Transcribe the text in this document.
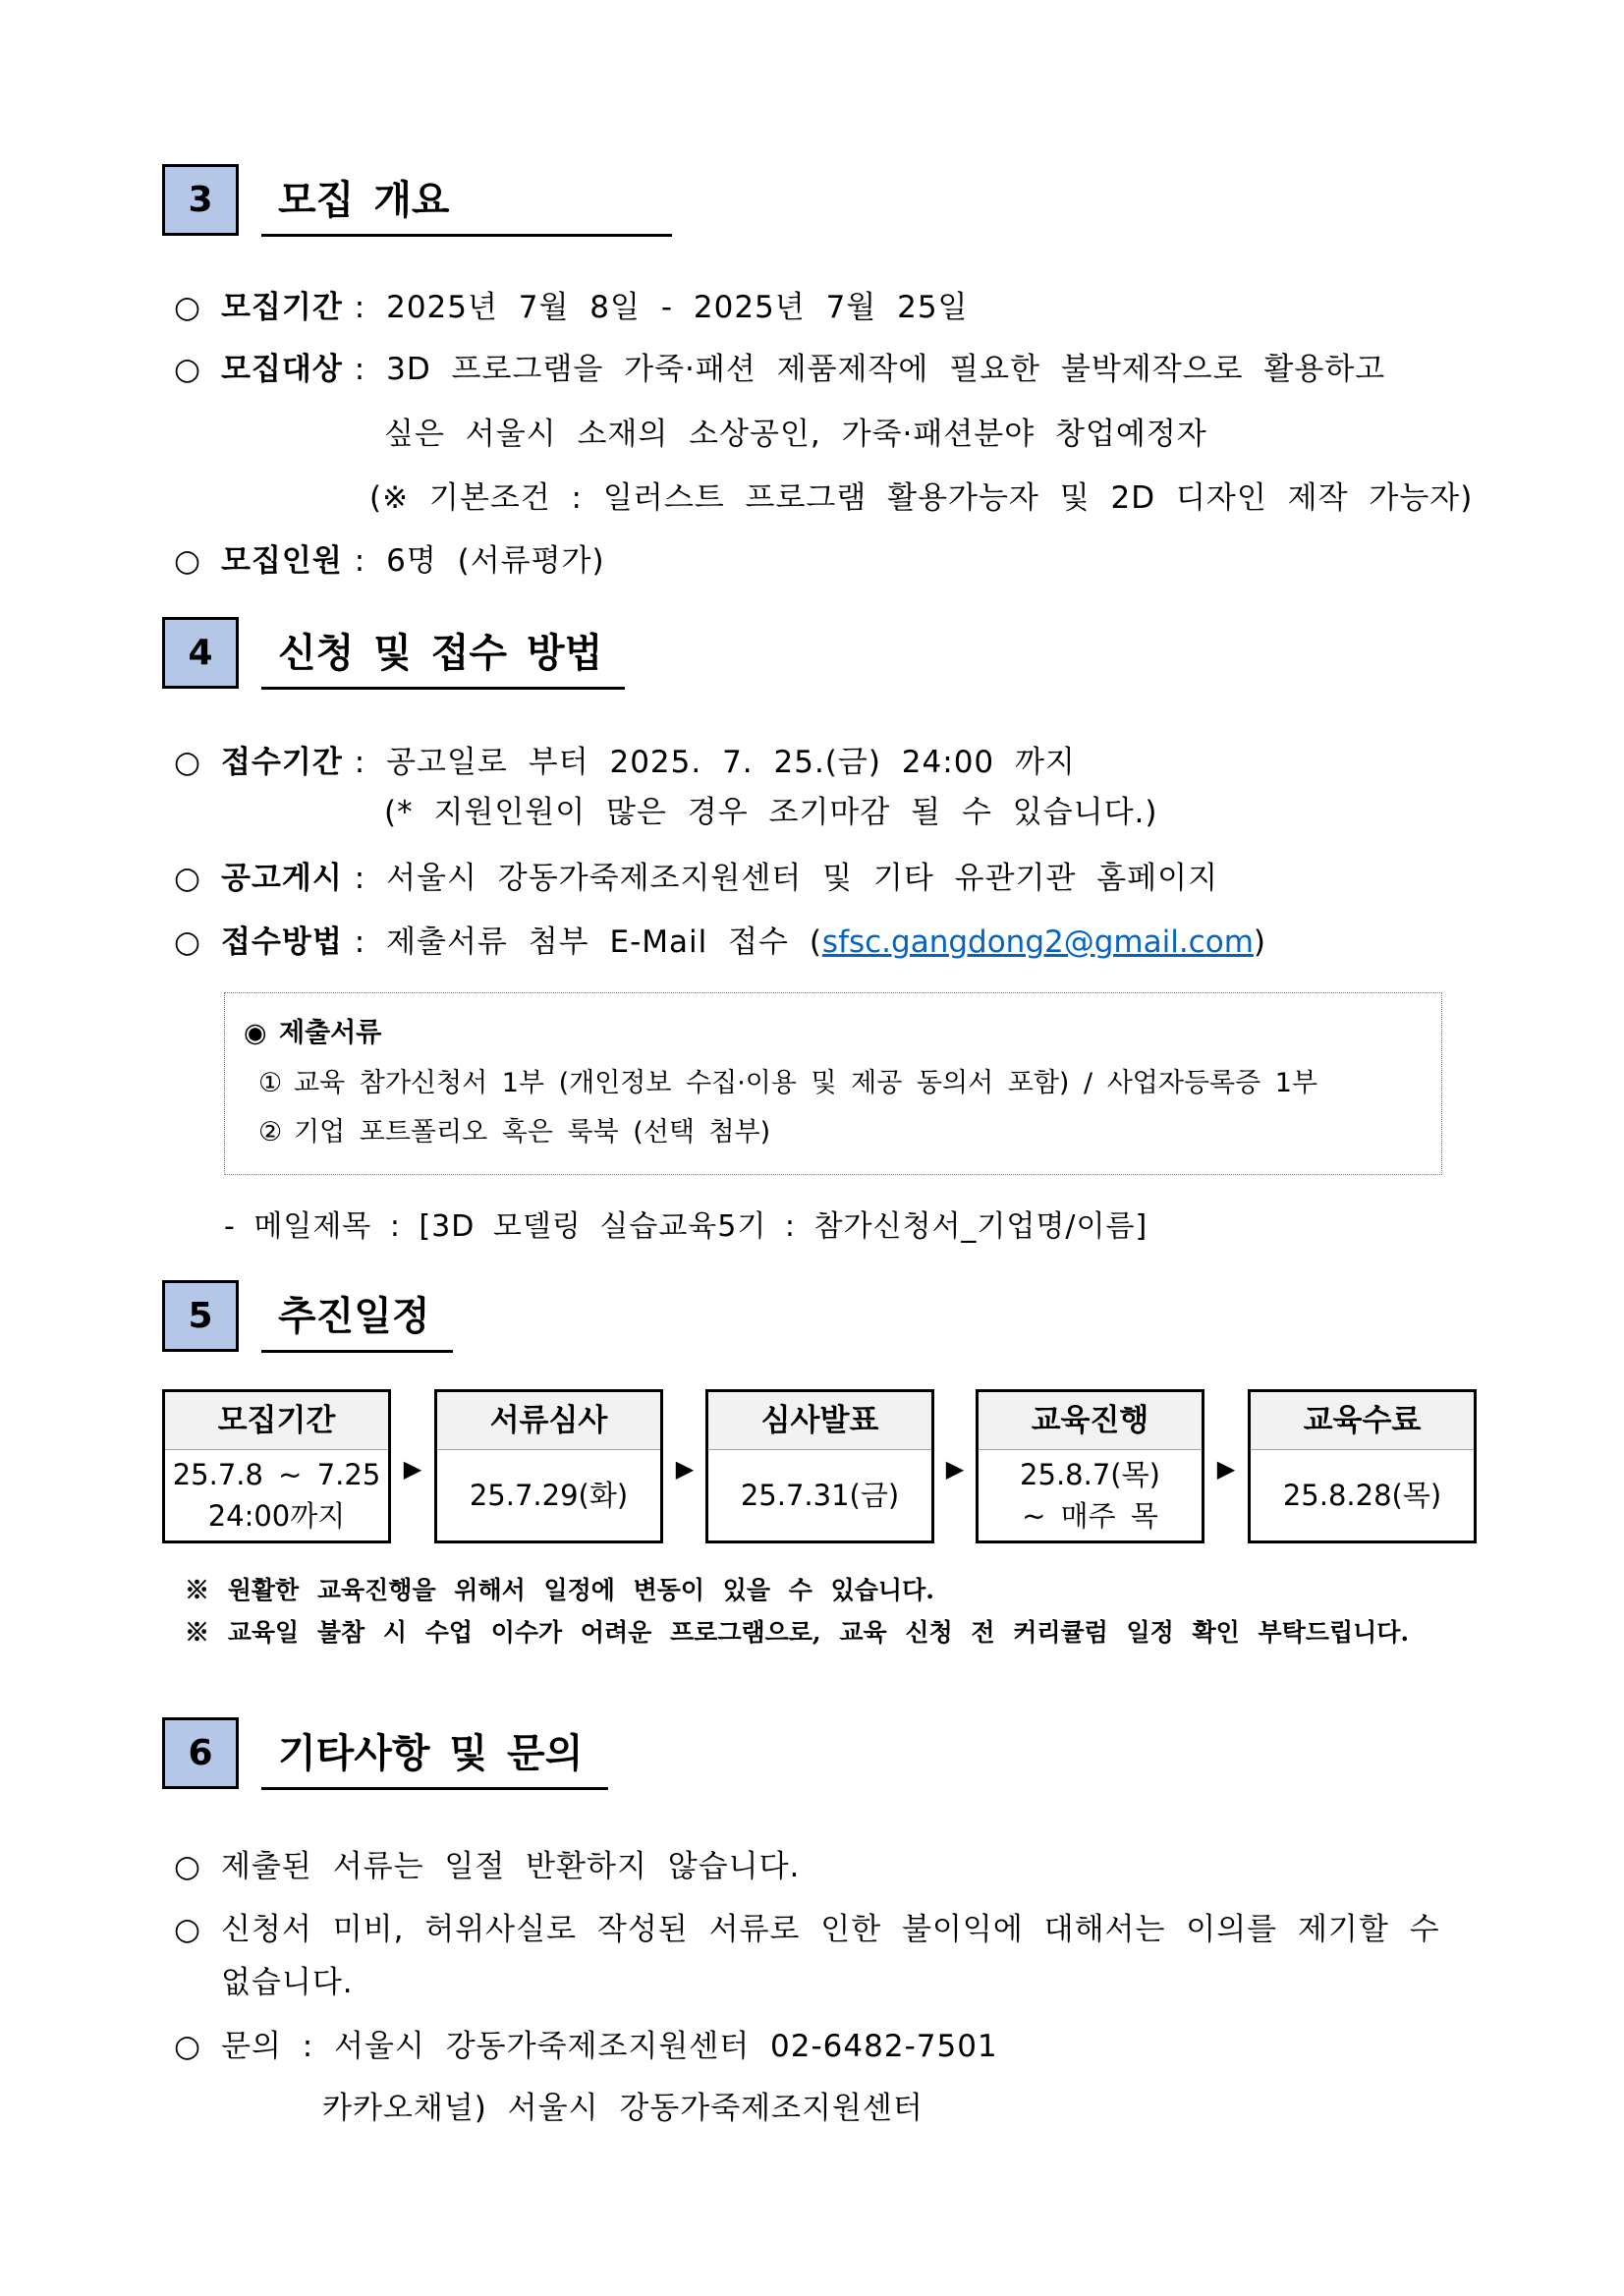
3	모집 개요
○ 모집기간 : 2025년 7월 8일 - 2025년 7월 25일
○ 모집대상 : 3D 프로그램을 가죽·패션 제품제작에 필요한 불박제작으로 활용하고
싶은 서울시 소재의 소상공인, 가죽·패션분야 창업예정자
(※ 기본조건 : 일러스트 프로그램 활용가능자 및 2D 디자인 제작 가능자)
○ 모집인원 : 6명 (서류평가)
4	신청 및 접수 방법
○ 접수기간 : 공고일로 부터 2025. 7. 25.(금) 24:00 까지
(* 지원인원이 많은 경우 조기마감 될 수 있습니다.)
○ 공고게시 : 서울시 강동가죽제조지원센터 및 기타 유관기관 홈페이지
○ 접수방법 : 제출서류 첨부 E-Mail 접수 (sfsc.gangdong2@gmail.com)
◉ 제출서류
① 교육 참가신청서 1부 (개인정보 수집·이용 및 제공 동의서 포함) / 사업자등록증 1부
② 기업 포트폴리오 혹은 룩북 (선택 첨부)
- 메일제목 : [3D 모델링 실습교육5기 : 참가신청서_기업명/이름]
5	추진일정
모집기간
25.7.8 ~ 7.25
24:00까지
▶
서류심사
25.7.29(화)
▶
심사발표
25.7.31(금)
▶
교육진행
25.8.7(목)
~ 매주 목
▶
교육수료
25.8.28(목)
※ 원활한 교육진행을 위해서 일정에 변동이 있을 수 있습니다.
※ 교육일 불참 시 수업 이수가 어려운 프로그램으로, 교육 신청 전 커리큘럼 일정 확인 부탁드립니다.
6	기타사항 및 문의
○ 제출된 서류는 일절 반환하지 않습니다.
○ 신청서 미비, 허위사실로 작성된 서류로 인한 불이익에 대해서는 이의를 제기할 수
없습니다.
○ 문의 : 서울시 강동가죽제조지원센터 02-6482-7501
카카오채널) 서울시 강동가죽제조지원센터
